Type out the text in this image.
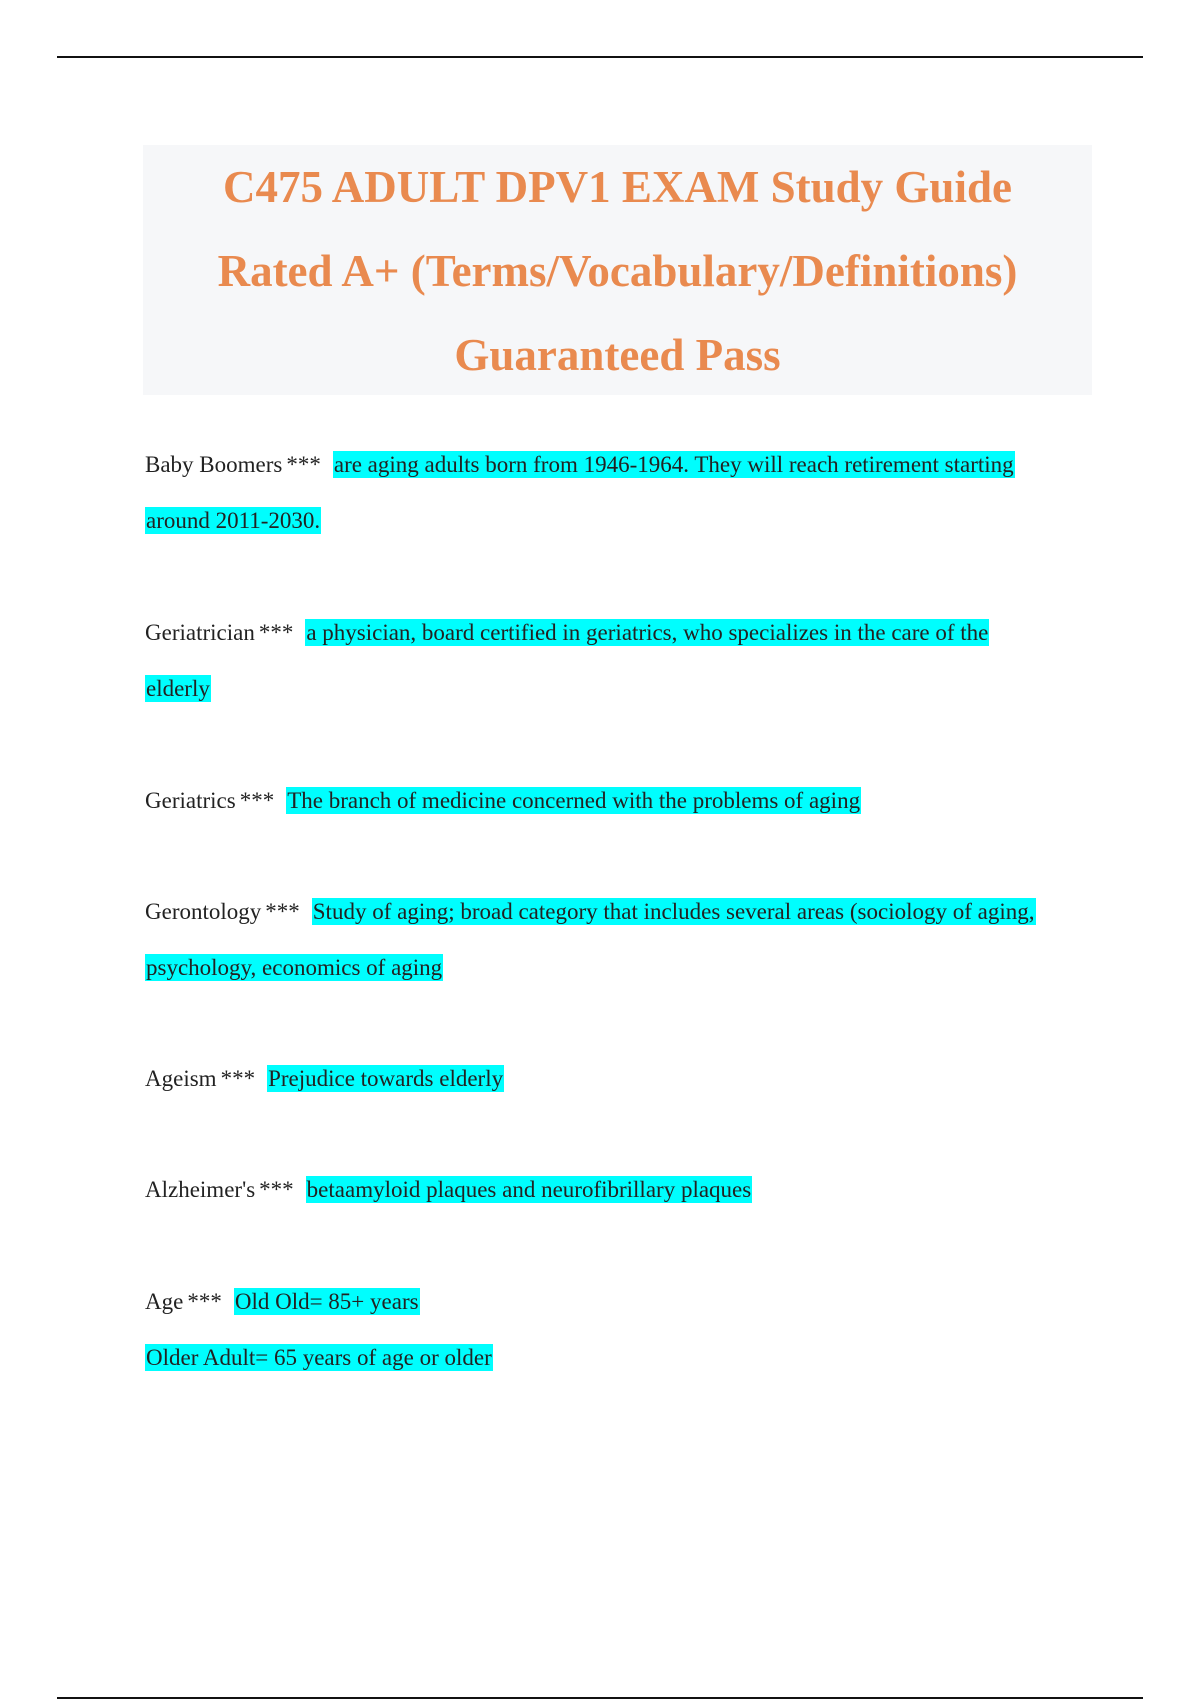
C475 ADULT DPV1 EXAM Study Guide
Rated A+ (Terms/Vocabulary/Definitions)
Guaranteed Pass
Baby Boomers *** are aging adults born from 1946-1964. They will reach retirement starting
around 2011-2030.
Geriatrician *** a physician, board certified in geriatrics, who specializes in the care of the
elderly
Geriatrics *** The branch of medicine concerned with the problems of aging
Gerontology *** Study of aging; broad category that includes several areas (sociology of aging,
psychology, economics of aging
Ageism *** Prejudice towards elderly
Alzheimer's *** betaamyloid plaques and neurofibrillary plaques
Age *** Old Old= 85+ years
Older Adult= 65 years of age or older
